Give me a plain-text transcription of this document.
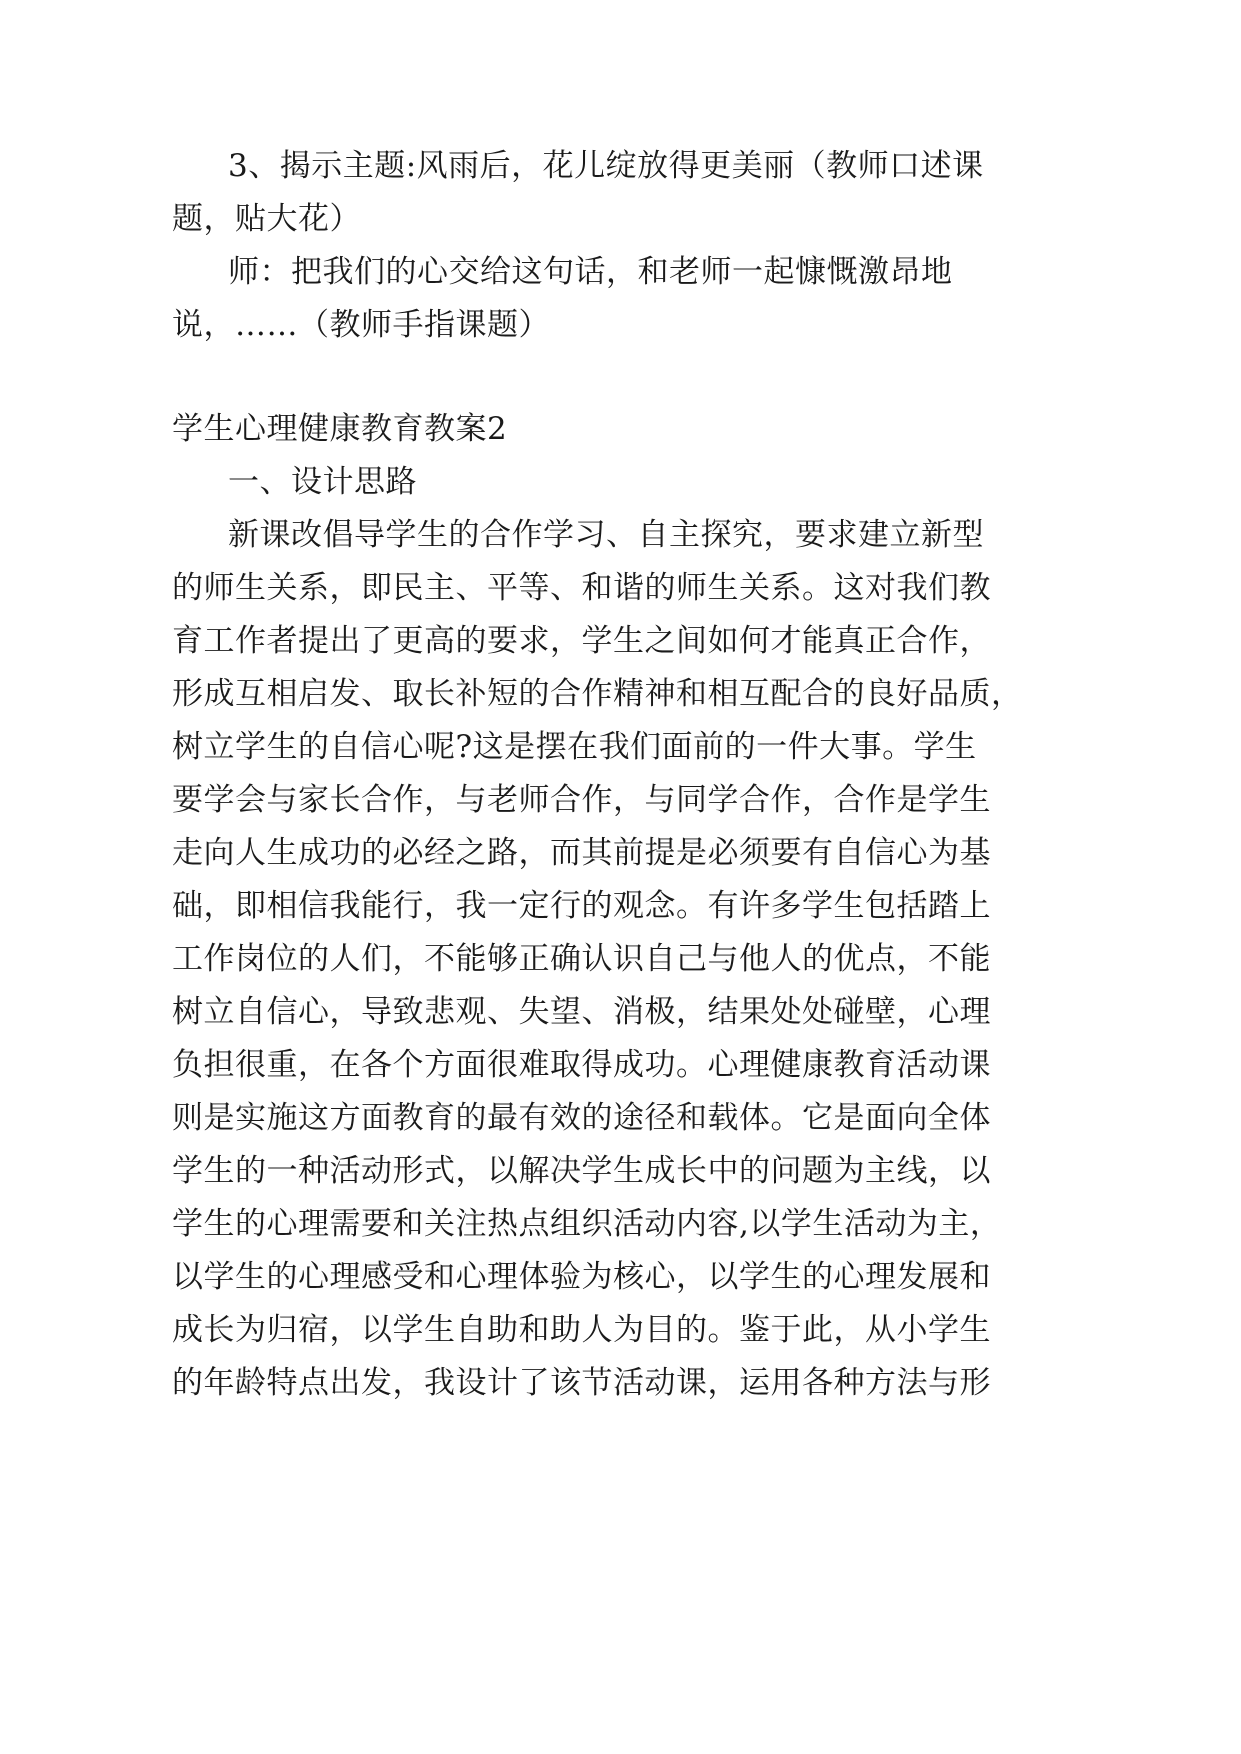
3、揭示主题:风雨后，花儿绽放得更美丽（教师口述课
题，贴大花）
师：把我们的心交给这句话，和老师一起慷慨激昂地
说，……（教师手指课题）
学生心理健康教育教案2
一、设计思路
新课改倡导学生的合作学习、自主探究，要求建立新型
的师生关系，即民主、平等、和谐的师生关系。这对我们教
育工作者提出了更高的要求，学生之间如何才能真正合作，
形成互相启发、取长补短的合作精神和相互配合的良好品质，
树立学生的自信心呢?这是摆在我们面前的一件大事。学生
要学会与家长合作，与老师合作，与同学合作，合作是学生
走向人生成功的必经之路，而其前提是必须要有自信心为基
础，即相信我能行，我一定行的观念。有许多学生包括踏上
工作岗位的人们，不能够正确认识自己与他人的优点，不能
树立自信心，导致悲观、失望、消极，结果处处碰壁，心理
负担很重，在各个方面很难取得成功。心理健康教育活动课
则是实施这方面教育的最有效的途径和载体。它是面向全体
学生的一种活动形式，以解决学生成长中的问题为主线，以
学生的心理需要和关注热点组织活动内容,以学生活动为主，
以学生的心理感受和心理体验为核心，以学生的心理发展和
成长为归宿，以学生自助和助人为目的。鉴于此，从小学生
的年龄特点出发，我设计了该节活动课，运用各种方法与形
